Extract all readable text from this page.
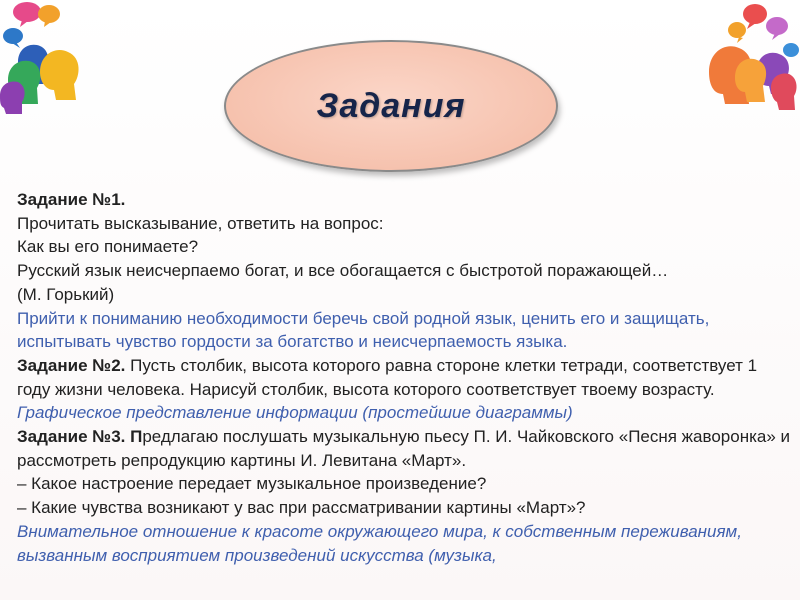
Задания

Задание №1.

Прочитать высказывание, ответить на вопрос:

Как вы его понимаете?

Русский язык неисчерпаемо богат, и все обогащается с быстротой поражающей…

(М. Горький)

Прийти к пониманию необходимости беречь свой родной язык, ценить его и защищать, испытывать чувство гордости за богатство и неисчерпаемость языка.

Задание №2. Пусть столбик, высота которого равна стороне клетки тетради, соответствует 1 году жизни человека. Нарисуй столбик, высота которого соответствует твоему возрасту.

Графическое представление информации (простейшие диаграммы)

Задание №3. Предлагаю послушать музыкальную пьесу П. И. Чайковского «Песня жаворонка» и рассмотреть репродукцию картины И. Левитана «Март».

– Какое настроение передает музыкальное произведение?

– Какие чувства возникают у вас при рассматривании картины «Март»?

Внимательное отношение к красоте окружающего мира, к собственным переживаниям, вызванным восприятием произведений искусства (музыка,
